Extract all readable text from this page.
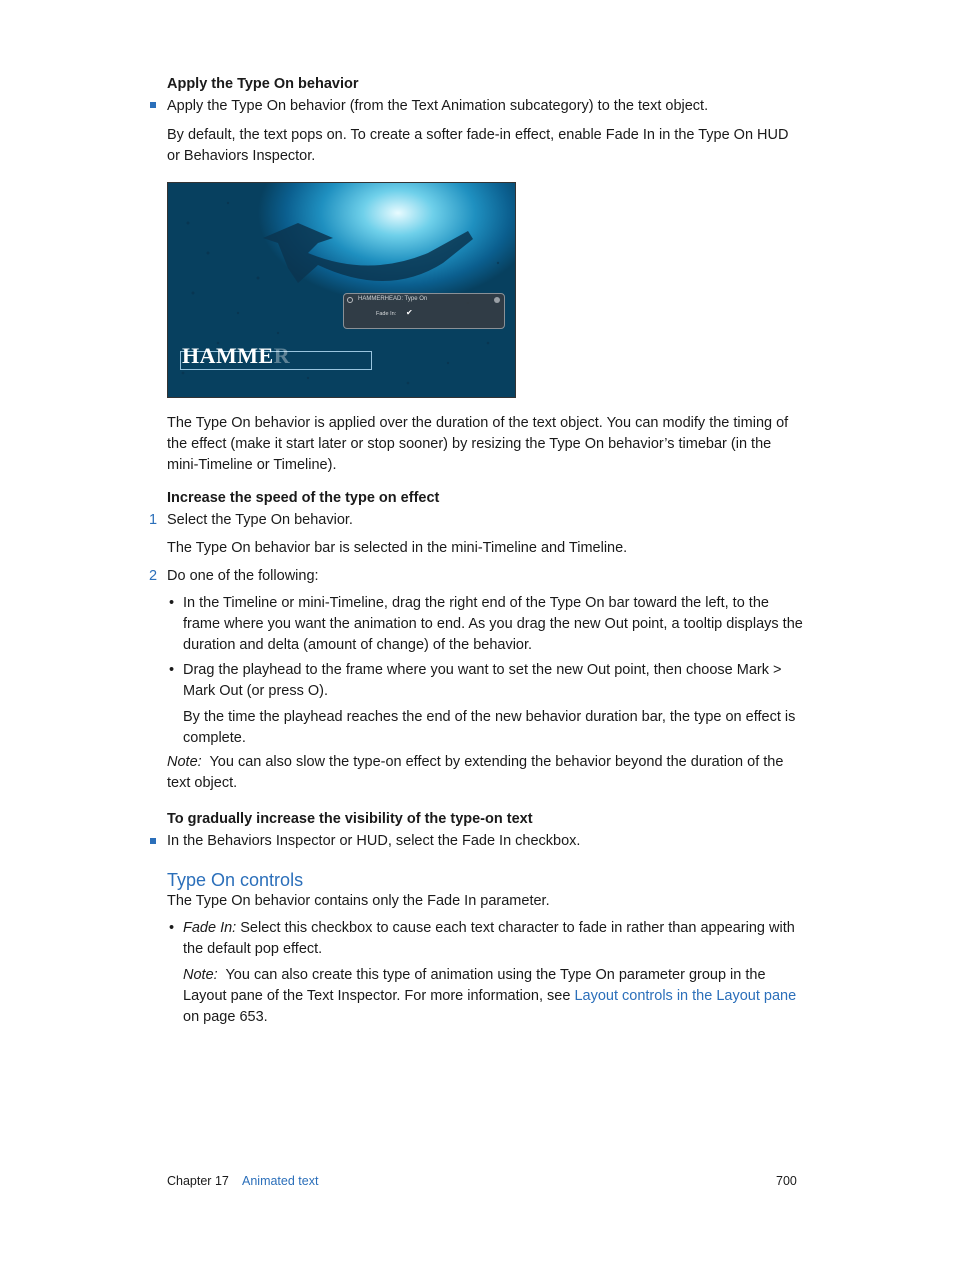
Apply the Type On behavior
Apply the Type On behavior (from the Text Animation subcategory) to the text object.
By default, the text pops on. To create a softer fade-in effect, enable Fade In in the Type On HUD or Behaviors Inspector.
HAMMERHEAD: Type On
Fade In: ✔
HAMMER
The Type On behavior is applied over the duration of the text object. You can modify the timing of the effect (make it start later or stop sooner) by resizing the Type On behavior’s timebar (in the mini-Timeline or Timeline).
Increase the speed of the type on effect
1 Select the Type On behavior.
The Type On behavior bar is selected in the mini-Timeline and Timeline.
2 Do one of the following:
• In the Timeline or mini-Timeline, drag the right end of the Type On bar toward the left, to the frame where you want the animation to end. As you drag the new Out point, a tooltip displays the duration and delta (amount of change) of the behavior.
• Drag the playhead to the frame where you want to set the new Out point, then choose Mark > Mark Out (or press O).
By the time the playhead reaches the end of the new behavior duration bar, the type on effect is complete.
Note: You can also slow the type-on effect by extending the behavior beyond the duration of the text object.
To gradually increase the visibility of the type-on text
In the Behaviors Inspector or HUD, select the Fade In checkbox.
Type On controls
The Type On behavior contains only the Fade In parameter.
• Fade In: Select this checkbox to cause each text character to fade in rather than appearing with the default pop effect.
Note: You can also create this type of animation using the Type On parameter group in the Layout pane of the Text Inspector. For more information, see Layout controls in the Layout pane on page 653.
Chapter 17 Animated text	700
